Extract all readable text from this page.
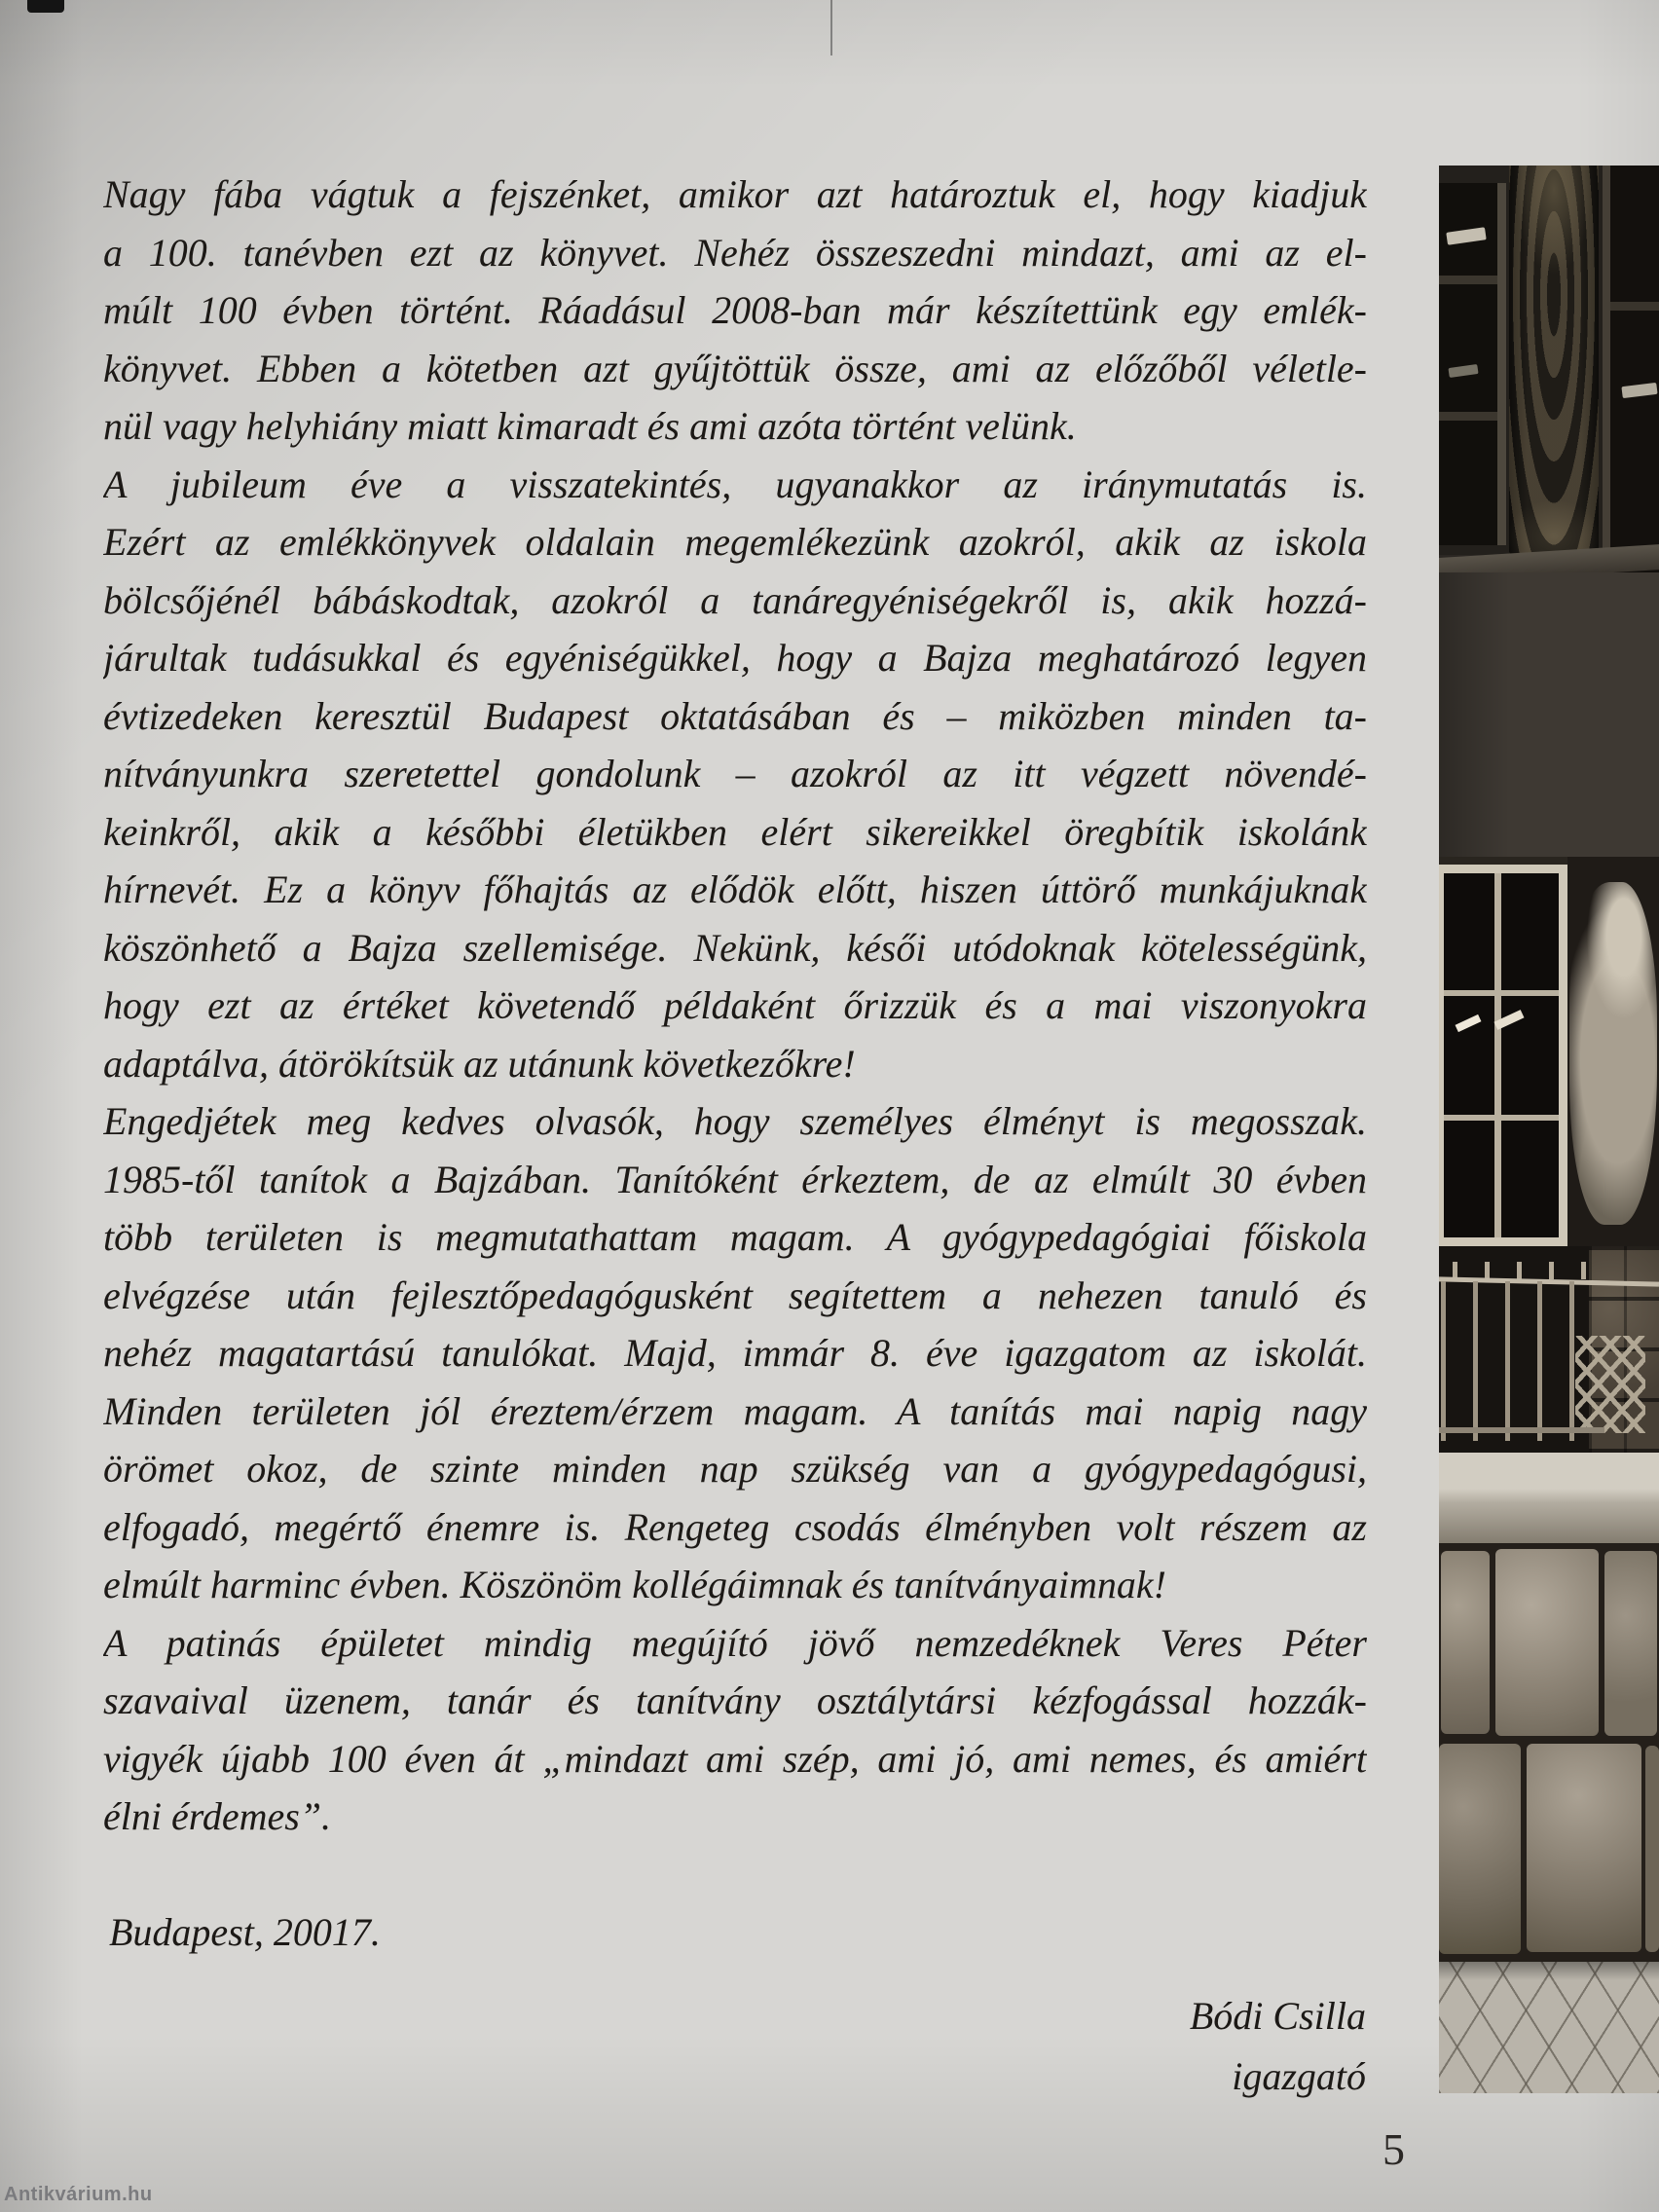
Nagy fába vágtuk a fejszénket, amikor azt határoztuk el, hogy kiadjuk
a 100. tanévben ezt az könyvet. Nehéz összeszedni mindazt, ami az el-
múlt 100 évben történt. Ráadásul 2008-ban már készítettünk egy emlék-
könyvet. Ebben a kötetben azt gyűjtöttük össze, ami az előzőből véletle-
nül vagy helyhiány miatt kimaradt és ami azóta történt velünk.
A jubileum éve a visszatekintés, ugyanakkor az iránymutatás is.
Ezért az emlékkönyvek oldalain megemlékezünk azokról, akik az iskola
bölcsőjénél bábáskodtak, azokról a tanáregyéniségekről is, akik hozzá-
járultak tudásukkal és egyéniségükkel, hogy a Bajza meghatározó legyen
évtizedeken keresztül Budapest oktatásában és – miközben minden ta-
nítványunkra szeretettel gondolunk – azokról az itt végzett növendé-
keinkről, akik a későbbi életükben elért sikereikkel öregbítik iskolánk
hírnevét. Ez a könyv főhajtás az elődök előtt, hiszen úttörő munkájuknak
köszönhető a Bajza szellemisége. Nekünk, késői utódoknak kötelességünk,
hogy ezt az értéket követendő példaként őrizzük és a mai viszonyokra
adaptálva, átörökítsük az utánunk következőkre!
Engedjétek meg kedves olvasók, hogy személyes élményt is megosszak.
1985-től tanítok a Bajzában. Tanítóként érkeztem, de az elmúlt 30 évben
több területen is megmutathattam magam. A gyógypedagógiai főiskola
elvégzése után fejlesztőpedagógusként segítettem a nehezen tanuló és
nehéz magatartású tanulókat. Majd, immár 8. éve igazgatom az iskolát.
Minden területen jól éreztem/érzem magam. A tanítás mai napig nagy
örömet okoz, de szinte minden nap szükség van a gyógypedagógusi,
elfogadó, megértő énemre is. Rengeteg csodás élményben volt részem az
elmúlt harminc évben. Köszönöm kollégáimnak és tanítványaimnak!
A patinás épületet mindig megújító jövő nemzedéknek Veres Péter
szavaival üzenem, tanár és tanítvány osztálytársi kézfogással hozzák-
vigyék újabb 100 éven át „mindazt ami szép, ami jó, ami nemes, és amiért
élni érdemes”.
Budapest, 20017.
Bódi Csilla
igazgató
5
Antikvárium.hu
